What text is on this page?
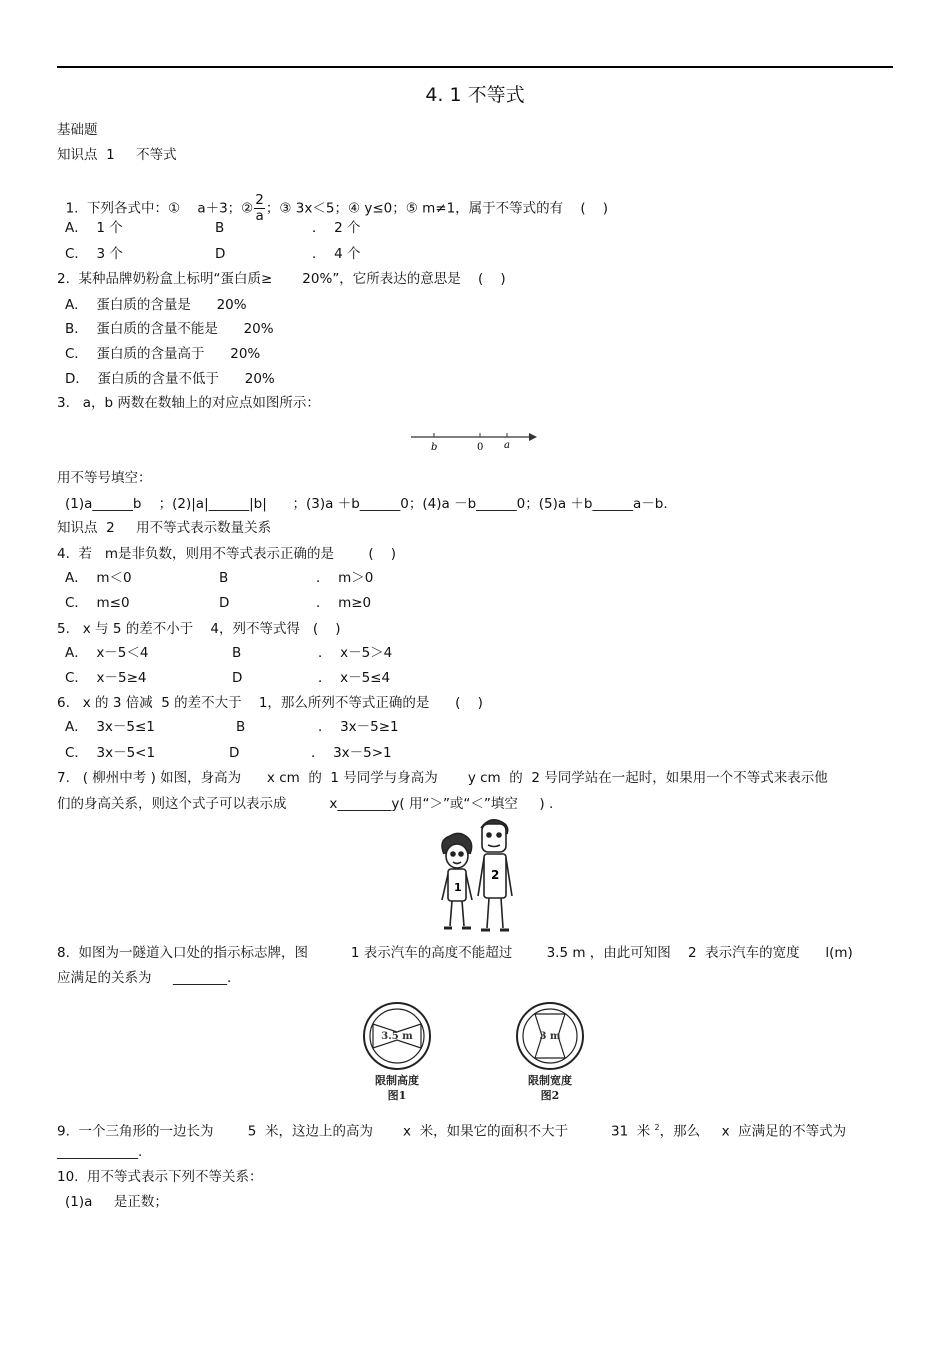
4. 1 不等式
基础题
知识点  1     不等式

1.  下列各式中：①    a＋3；② $\frac{2}{a}$ ；③ 3x＜5；④ y≤0；⑤ m≠1，属于不等式的有    (    )

A．  1 个	B	．  2 个
C．  3 个	D	．  4 个
2.  某种品牌奶粉盒上标明“蛋白质≥       20%”，它所表达的意思是    (    )
A．  蛋白质的含量是      20%
B．  蛋白质的含量不能是      20%
C．  蛋白质的含量高于      20%
D．  蛋白质的含量不低于      20%
3.   a，b 两数在数轴上的对应点如图所示：
b	0 a
用不等号填空：
(1)a______b    ；(2)|a|______|b|      ；(3)a ＋b______0；(4)a －b______0；(5)a ＋b______a－b.
知识点  2     用不等式表示数量关系
4.  若   m是非负数，则用不等式表示正确的是        (    )
A．  m＜0	B	．  m＞0
C．  m≤0	D	．  m≥0
5.   x 与 5 的差不小于    4，列不等式得   (    )
A．  x－5＜4	B	．  x－5＞4
C．  x－5≥4	D	．  x－5≤4
6.   x 的 3 倍减  5 的差不大于    1，那么所列不等式正确的是      (    )
A．  3x－5≤1	B	．  3x－5≥1
C．  3x－5<1	D	．  3x－5>1
7.   ( 柳州中考 ) 如图，身高为      x cm  的  1 号同学与身高为       y cm  的  2 号同学站在一起时，如果用一个不等式来表示他
们的身高关系，则这个式子可以表示成          x________y( 用“＞”或“＜”填空     ) .
1
2
8.  如图为一隧道入口处的指示标志牌，图          1 表示汽车的高度不能超过        3.5 m ，由此可知图    2  表示汽车的宽度      l(m)
应满足的关系为     ________.
3.5 m
限制高度
图1
3 m
限制宽度
图2
9.  一个三角形的一边长为        5  米，这边上的高为       x  米，如果它的面积不大于          31  米 $^2$，那么     x  应满足的不等式为
____________.
10.  用不等式表示下列不等关系：
(1)a     是正数；
